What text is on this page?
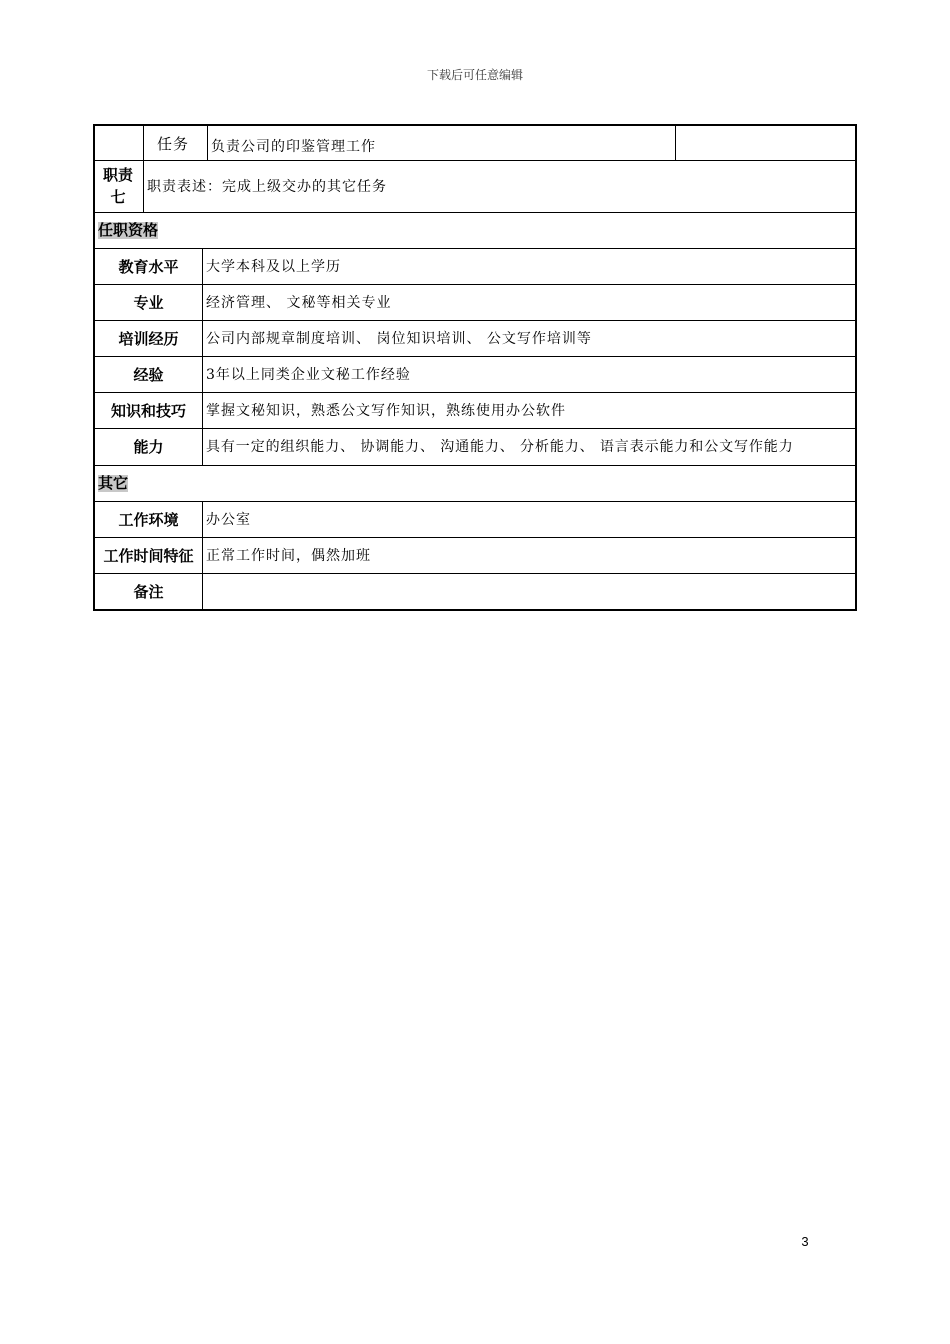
下载后可任意编辑
任务	负责公司的印鉴管理工作
职责
七
职责表述：完成上级交办的其它任务
任职资格
教育水平	大学本科及以上学历
专业	经济管理、 文秘等相关专业
培训经历	公司内部规章制度培训、 岗位知识培训、 公文写作培训等
经验	3年以上同类企业文秘工作经验
知识和技巧	掌握文秘知识，熟悉公文写作知识，熟练使用办公软件
能力	具有一定的组织能力、 协调能力、 沟通能力、 分析能力、 语言表示能力和公文写作能力
其它
工作环境	办公室
工作时间特征 正常工作时间，偶然加班
备注
3
